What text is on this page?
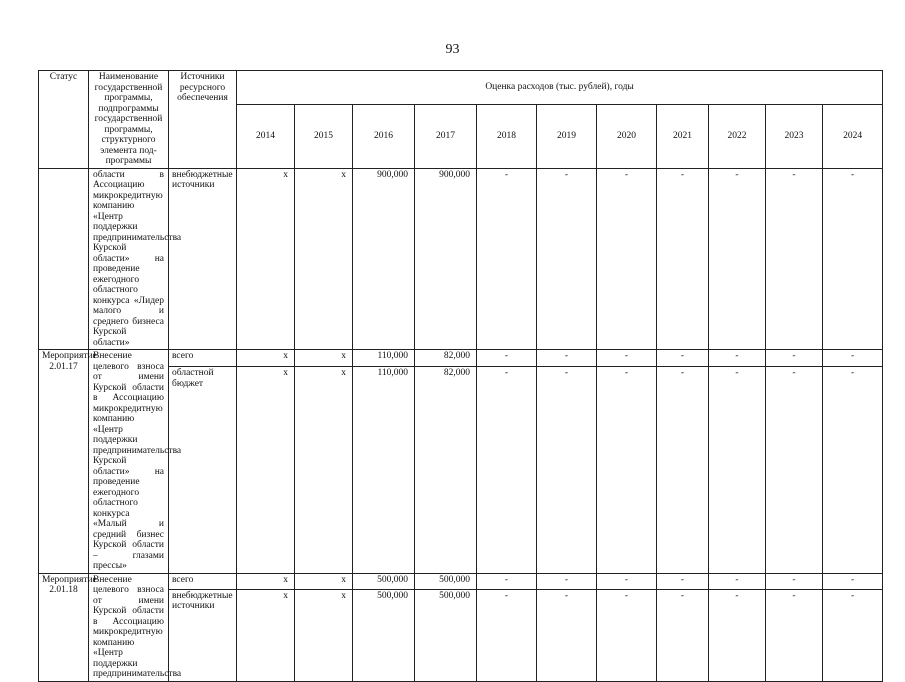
93
Статус	Наименование государственной программы, подпрограммы государственной программы, структурного элемента под-программы	Источники ресурсного обеспечения	Оценка расходов (тыс. рублей), годы										
			2014	2015	2016	2017	2018	2019	2020	2021	2022	2023	2024
	области в Ассоциацию микрокредитную компанию «Центр поддержки предпринимательства Курской области» на проведение ежегодного областного конкурса «Лидер малого и среднего бизнеса Курской области»	внебюджетные источники	x	x	900,000	900,000	-	-	-	-	-	-	-
Мероприятие 2.01.17	Внесение целевого взноса от имени Курской области в Ассоциацию микрокредитную компанию «Центр поддержки предпринимательства Курской области» на проведение ежегодного областного конкурса «Малый и средний бизнес Курской области – глазами прессы»	всего	x	x	110,000	82,000	-	-	-	-	-	-	-
		областной бюджет	x	x	110,000	82,000	-	-	-	-	-	-	-
Мероприятие 2.01.18	Внесение целевого взноса от имени Курской области в Ассоциацию микрокредитную компанию «Центр поддержки предпринимательства	всего	x	x	500,000	500,000	-	-	-	-	-	-	-
		внебюджетные источники	x	x	500,000	500,000	-	-	-	-	-	-	-
